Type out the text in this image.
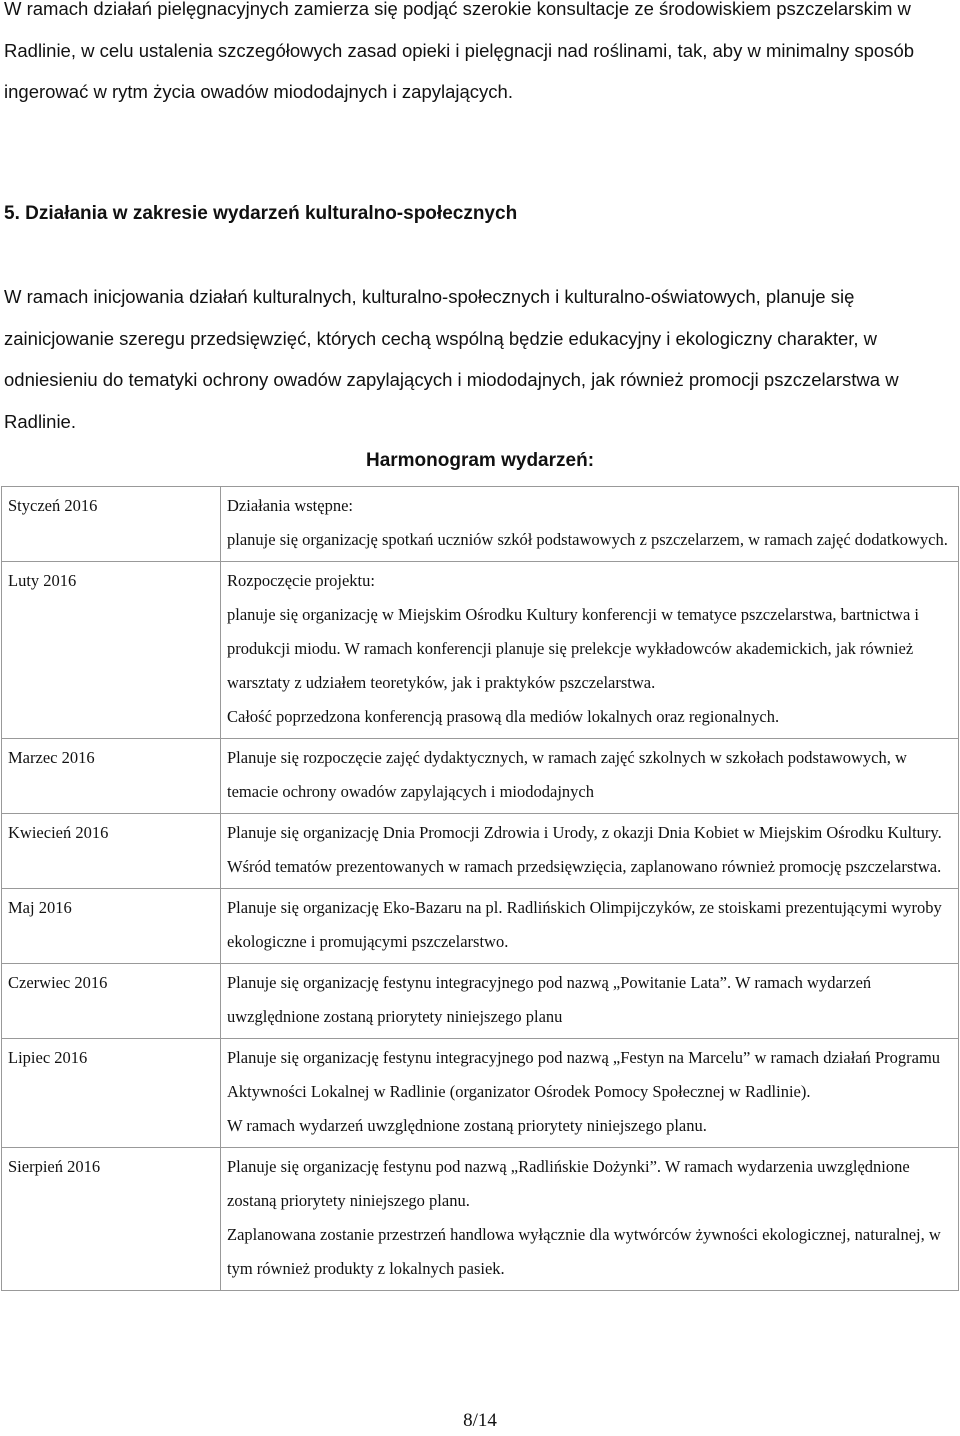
W ramach działań pielęgnacyjnych zamierza się podjąć szerokie konsultacje ze środowiskiem pszczelarskim w Radlinie, w celu ustalenia szczegółowych zasad opieki i pielęgnacji nad roślinami, tak, aby w minimalny sposób ingerować w rytm życia owadów miododajnych i zapylających.

5. Działania w zakresie wydarzeń kulturalno-społecznych

W ramach inicjowania działań kulturalnych, kulturalno-społecznych i kulturalno-oświatowych, planuje się zainicjowanie szeregu przedsięwzięć, których cechą wspólną będzie edukacyjny i ekologiczny charakter, w odniesieniu do tematyki ochrony owadów zapylających i miododajnych, jak również promocji pszczelarstwa w Radlinie.

Harmonogram wydarzeń:
Styczeń 2016	Działania wstępne:
planuje się organizację spotkań uczniów szkół podstawowych z pszczelarzem, w ramach zajęć dodatkowych.

Luty 2016	Rozpoczęcie projektu:
planuje się organizację w Miejskim Ośrodku Kultury konferencji w tematyce pszczelarstwa, bartnictwa i produkcji miodu. W ramach konferencji planuje się prelekcje wykładowców akademickich, jak również warsztaty z udziałem teoretyków, jak i praktyków pszczelarstwa.
Całość poprzedzona konferencją prasową dla mediów lokalnych oraz regionalnych.

Marzec 2016	Planuje się rozpoczęcie zajęć dydaktycznych, w ramach zajęć szkolnych w szkołach podstawowych, w temacie ochrony owadów zapylających i miododajnych

Kwiecień 2016	Planuje się organizację Dnia Promocji Zdrowia i Urody, z okazji Dnia Kobiet w Miejskim Ośrodku Kultury. Wśród tematów prezentowanych w ramach przedsięwzięcia, zaplanowano również promocję pszczelarstwa.

Maj 2016	Planuje się organizację Eko-Bazaru na pl. Radlińskich Olimpijczyków, ze stoiskami prezentującymi wyroby ekologiczne i promującymi pszczelarstwo.

Czerwiec 2016	Planuje się organizację festynu integracyjnego pod nazwą „Powitanie Lata”. W ramach wydarzeń uwzględnione zostaną priorytety niniejszego planu

Lipiec 2016	Planuje się organizację festynu integracyjnego pod nazwą „Festyn na Marcelu” w ramach działań Programu Aktywności Lokalnej w Radlinie (organizator Ośrodek Pomocy Społecznej w Radlinie).
W ramach wydarzeń uwzględnione zostaną priorytety niniejszego planu.

Sierpień 2016	Planuje się organizację festynu pod nazwą „Radlińskie Dożynki”. W ramach wydarzenia uwzględnione zostaną priorytety niniejszego planu.
Zaplanowana zostanie przestrzeń handlowa wyłącznie dla wytwórców żywności ekologicznej, naturalnej, w tym również produkty z lokalnych pasiek.
8/14
